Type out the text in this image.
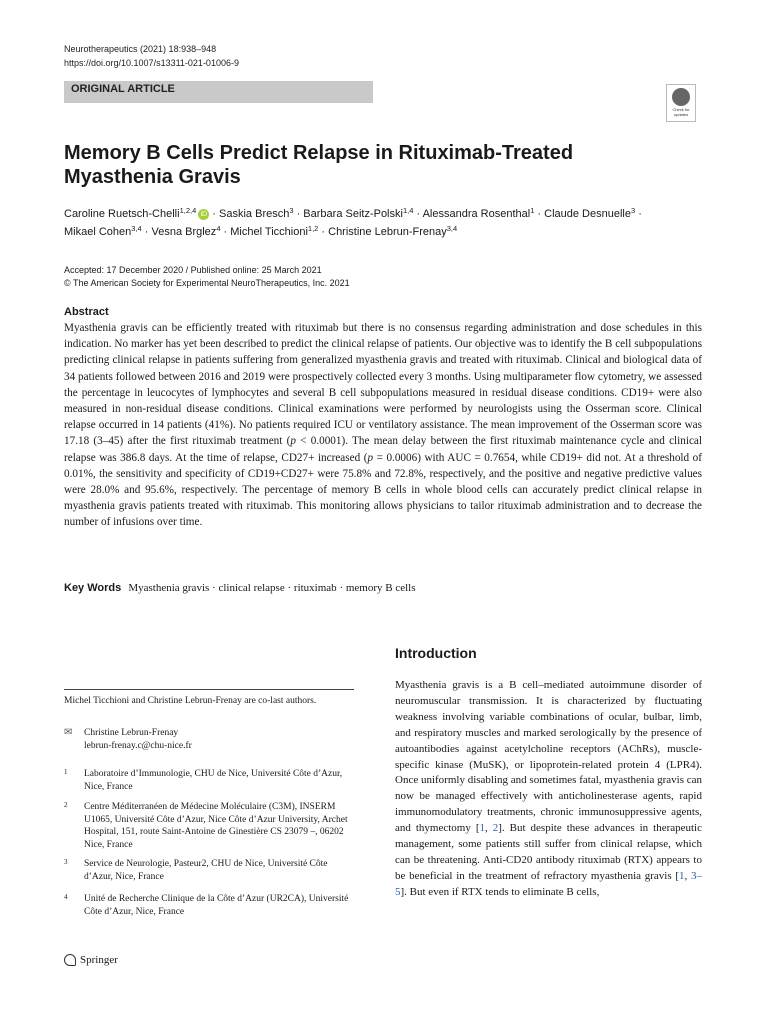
Neurotherapeutics (2021) 18:938–948
https://doi.org/10.1007/s13311-021-01006-9
ORIGINAL ARTICLE
Check for updates
Memory B Cells Predict Relapse in Rituximab-Treated
Myasthenia Gravis
Caroline Ruetsch-Chelli$^{1,2,4}$ iD · Saskia Bresch$^3$ · Barbara Seitz-Polski$^{1,4}$ · Alessandra Rosenthal$^1$ · Claude Desnuelle$^3$ ·
Mikael Cohen$^{3,4}$ · Vesna Brglez$^4$ · Michel Ticchioni$^{1,2}$ · Christine Lebrun-Frenay$^{3,4}$
Accepted: 17 December 2020 / Published online: 25 March 2021
© The American Society for Experimental NeuroTherapeutics, Inc. 2021
Abstract
Myasthenia gravis can be efficiently treated with rituximab but there is no consensus regarding administration and dose schedules in this indication. No marker has yet been described to predict the clinical relapse of patients. Our objective was to identify the B cell subpopulations predicting clinical relapse in patients suffering from generalized myasthenia gravis and treated with rituximab. Clinical and biological data of 34 patients followed between 2016 and 2019 were prospectively collected every 3 months. Using multiparameter flow cytometry, we assessed the percentage in leucocytes of lymphocytes and several B cell subpopulations measured in residual disease conditions. CD19+ were also measured in non-residual disease conditions. Clinical examinations were performed by neurologists using the Osserman score. Clinical relapse occurred in 14 patients (41%). No patients required ICU or ventilatory assistance. The mean improvement of the Osserman score was 17.18 (3–45) after the first rituximab treatment (p < 0.0001). The mean delay between the first rituximab maintenance cycle and clinical relapse was 386.8 days. At the time of relapse, CD27+ increased (p = 0.0006) with AUC = 0.7654, while CD19+ did not. At a threshold of 0.01%, the sensitivity and specificity of CD19+CD27+ were 75.8% and 72.8%, respectively, and the positive and negative predictive values were 28.0% and 95.6%, respectively. The percentage of memory B cells in whole blood cells can accurately predict clinical relapse in myasthenia gravis patients treated with rituximab. This monitoring allows physicians to tailor rituximab administration and to decrease the number of infusions over time.
Key Words Myasthenia gravis · clinical relapse · rituximab · memory B cells
Introduction
Myasthenia gravis is a B cell–mediated autoimmune disorder of neuromuscular transmission. It is characterized by fluctuating weakness involving variable combinations of ocular, bulbar, limb, and respiratory muscles and marked serologically by the presence of autoantibodies against acetylcholine receptors (AChRs), muscle-specific kinase (MuSK), or lipoprotein-related protein 4 (LPR4). Once uniformly disabling and sometimes fatal, myasthenia gravis can now be managed effectively with anticholinesterase agents, rapid immunomodulatory treatments, chronic immunosuppressive agents, and thymectomy [1, 2]. But despite these advances in therapeutic management, some patients still suffer from clinical relapse, which can be threatening. Anti-CD20 antibody rituximab (RTX) appears to be beneficial in the treatment of refractory myasthenia gravis [1, 3–5]. But even if RTX tends to eliminate B cells,
Michel Ticchioni and Christine Lebrun-Frenay are co-last authors.
✉ Christine Lebrun-Frenay
lebrun-frenay.c@chu-nice.fr
1 Laboratoire d’Immunologie, CHU de Nice, Université Côte d’Azur, Nice, France
2 Centre Méditerranéen de Médecine Moléculaire (C3M), INSERM U1065, Université Côte d’Azur, Nice Côte d’Azur University, Archet Hospital, 151, route Saint-Antoine de Ginestière CS 23079 –, 06202 Nice, France
3 Service de Neurologie, Pasteur2, CHU de Nice, Université Côte d’Azur, Nice, France
4 Unité de Recherche Clinique de la Côte d’Azur (UR2CA), Université Côte d’Azur, Nice, France
Springer
